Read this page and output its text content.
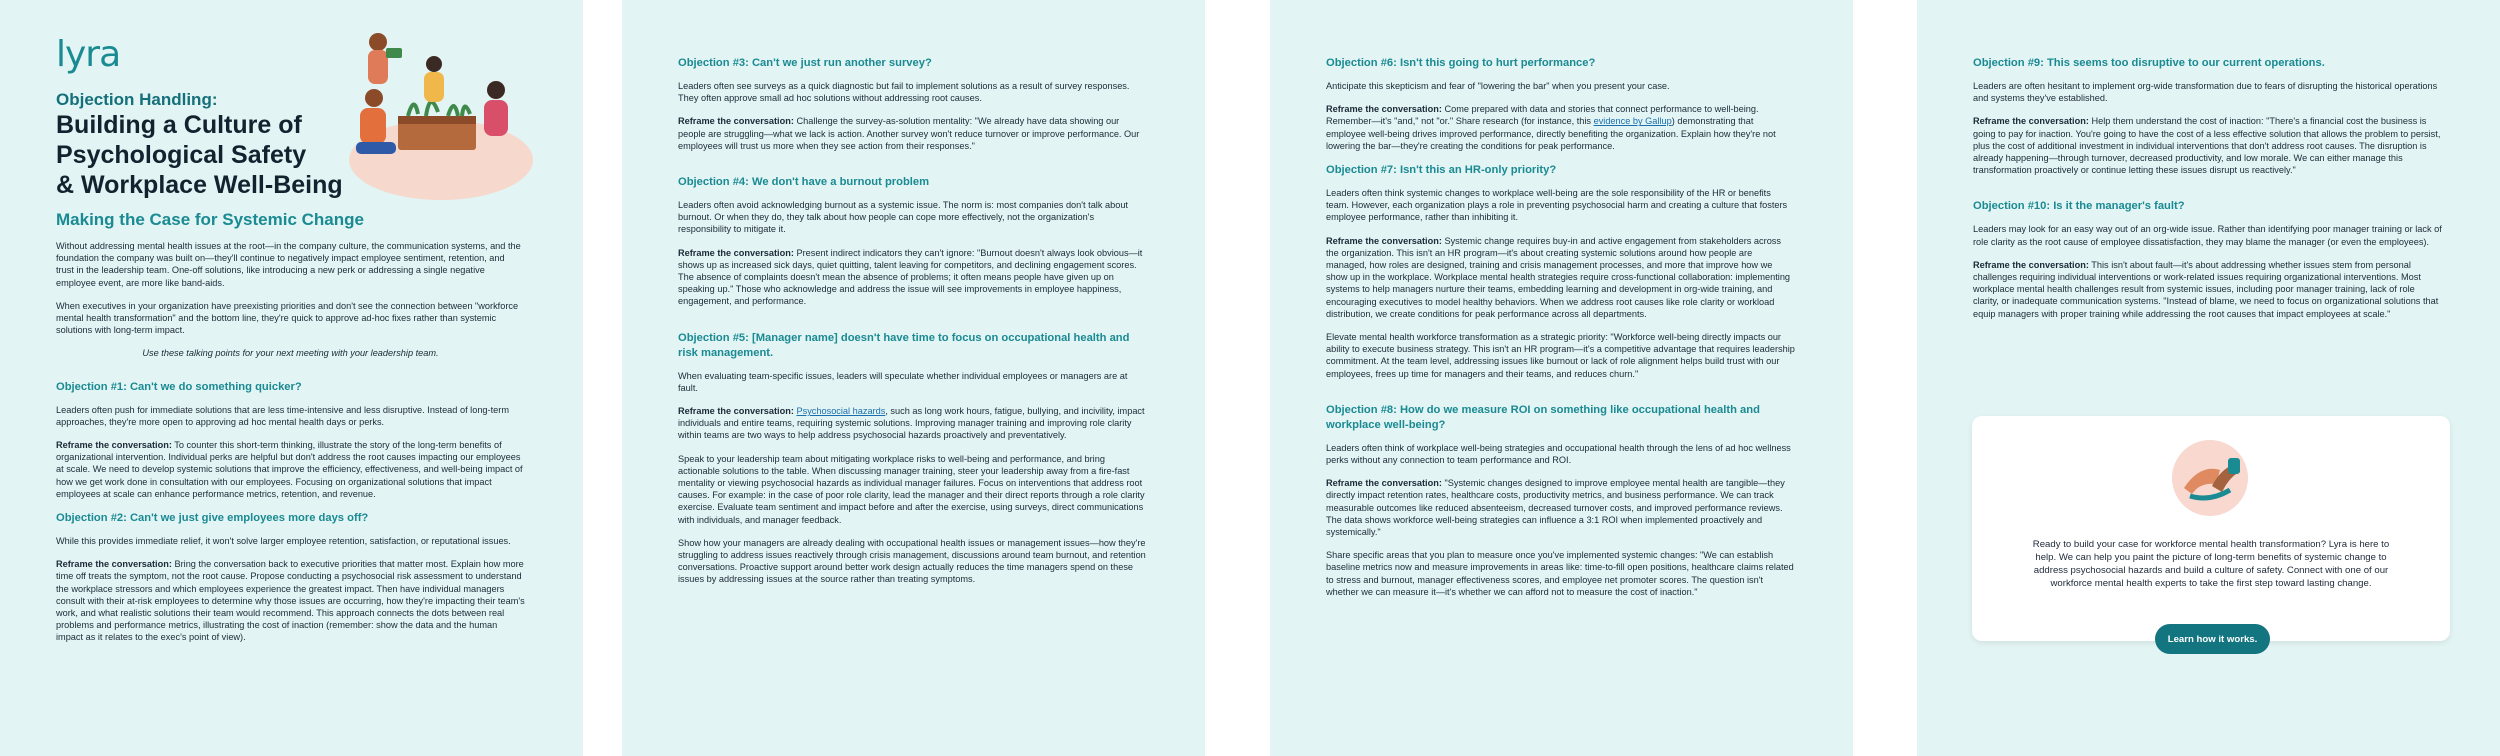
lyra
Objection Handling:
Building a Culture of
Psychological Safety
& Workplace Well-Being
Making the Case for Systemic Change

Without addressing mental health issues at the root—in the company culture, the communication systems, and the foundation the company was built on—they'll continue to negatively impact employee sentiment, retention, and trust in the leadership team. One-off solutions, like introducing a new perk or addressing a single negative employee event, are more like band-aids.

When executives in your organization have preexisting priorities and don't see the connection between "workforce mental health transformation" and the bottom line, they're quick to approve ad-hoc fixes rather than systemic solutions with long-term impact.

Use these talking points for your next meeting with your leadership team.

Objection #1: Can't we do something quicker?

Leaders often push for immediate solutions that are less time-intensive and less disruptive. Instead of long-term approaches, they're more open to approving ad hoc mental health days or perks.

Reframe the conversation: To counter this short-term thinking, illustrate the story of the long-term benefits of organizational intervention. Individual perks are helpful but don't address the root causes impacting our employees at scale. We need to develop systemic solutions that improve the efficiency, effectiveness, and well-being impact of how we get work done in consultation with our employees. Focusing on organizational solutions that impact employees at scale can enhance performance metrics, retention, and revenue.

Objection #2: Can't we just give employees more days off?

While this provides immediate relief, it won't solve larger employee retention, satisfaction, or reputational issues.

Reframe the conversation: Bring the conversation back to executive priorities that matter most. Explain how more time off treats the symptom, not the root cause. Propose conducting a psychosocial risk assessment to understand the workplace stressors and which employees experience the greatest impact. Then have individual managers consult with their at-risk employees to determine why those issues are occurring, how they're impacting their team's work, and what realistic solutions their team would recommend. This approach connects the dots between real problems and performance metrics, illustrating the cost of inaction (remember: show the data and the human impact as it relates to the exec's point of view).

Objection #3: Can't we just run another survey?

Leaders often see surveys as a quick diagnostic but fail to implement solutions as a result of survey responses. They often approve small ad hoc solutions without addressing root causes.

Reframe the conversation: Challenge the survey-as-solution mentality: "We already have data showing our people are struggling—what we lack is action. Another survey won't reduce turnover or improve performance. Our employees will trust us more when they see action from their responses."

Objection #4: We don't have a burnout problem

Leaders often avoid acknowledging burnout as a systemic issue. The norm is: most companies don't talk about burnout. Or when they do, they talk about how people can cope more effectively, not the organization's responsibility to mitigate it.

Reframe the conversation: Present indirect indicators they can't ignore: "Burnout doesn't always look obvious—it shows up as increased sick days, quiet quitting, talent leaving for competitors, and declining engagement scores. The absence of complaints doesn't mean the absence of problems; it often means people have given up on speaking up." Those who acknowledge and address the issue will see improvements in employee happiness, engagement, and performance.

Objection #5: [Manager name] doesn't have time to focus on occupational health and risk management.

When evaluating team-specific issues, leaders will speculate whether individual employees or managers are at fault.

Reframe the conversation: Psychosocial hazards, such as long work hours, fatigue, bullying, and incivility, impact individuals and entire teams, requiring systemic solutions. Improving manager training and improving role clarity within teams are two ways to help address psychosocial hazards proactively and preventatively.

Speak to your leadership team about mitigating workplace risks to well-being and performance, and bring actionable solutions to the table. When discussing manager training, steer your leadership away from a fire-fast mentality or viewing psychosocial hazards as individual manager failures. Focus on interventions that address root causes. For example: in the case of poor role clarity, lead the manager and their direct reports through a role clarity exercise. Evaluate team sentiment and impact before and after the exercise, using surveys, direct communications with individuals, and manager feedback.

Show how your managers are already dealing with occupational health issues or management issues—how they're struggling to address issues reactively through crisis management, discussions around team burnout, and retention conversations. Proactive support around better work design actually reduces the time managers spend on these issues by addressing issues at the source rather than treating symptoms.

Objection #6: Isn't this going to hurt performance?

Anticipate this skepticism and fear of "lowering the bar" when you present your case.

Reframe the conversation: Come prepared with data and stories that connect performance to well-being. Remember—it's "and," not "or." Share research (for instance, this evidence by Gallup) demonstrating that employee well-being drives improved performance, directly benefiting the organization. Explain how they're not lowering the bar—they're creating the conditions for peak performance.

Objection #7: Isn't this an HR-only priority?

Leaders often think systemic changes to workplace well-being are the sole responsibility of the HR or benefits team. However, each organization plays a role in preventing psychosocial harm and creating a culture that fosters employee performance, rather than inhibiting it.

Reframe the conversation: Systemic change requires buy-in and active engagement from stakeholders across the organization. This isn't an HR program—it's about creating systemic solutions around how people are managed, how roles are designed, training and crisis management processes, and more that improve how we show up in the workplace. Workplace mental health strategies require cross-functional collaboration: implementing systems to help managers nurture their teams, embedding learning and development in org-wide training, and encouraging executives to model healthy behaviors. When we address root causes like role clarity or workload distribution, we create conditions for peak performance across all departments.

Elevate mental health workforce transformation as a strategic priority: "Workforce well-being directly impacts our ability to execute business strategy. This isn't an HR program—it's a competitive advantage that requires leadership commitment. At the team level, addressing issues like burnout or lack of role alignment helps build trust with our employees, frees up time for managers and their teams, and reduces churn."

Objection #8: How do we measure ROI on something like occupational health and workplace well-being?

Leaders often think of workplace well-being strategies and occupational health through the lens of ad hoc wellness perks without any connection to team performance and ROI.

Reframe the conversation: "Systemic changes designed to improve employee mental health are tangible—they directly impact retention rates, healthcare costs, productivity metrics, and business performance. We can track measurable outcomes like reduced absenteeism, decreased turnover costs, and improved performance reviews. The data shows workforce well-being strategies can influence a 3:1 ROI when implemented proactively and systemically."

Share specific areas that you plan to measure once you've implemented systemic changes: "We can establish baseline metrics now and measure improvements in areas like: time-to-fill open positions, healthcare claims related to stress and burnout, manager effectiveness scores, and employee net promoter scores. The question isn't whether we can measure it—it's whether we can afford not to measure the cost of inaction."

Objection #9: This seems too disruptive to our current operations.

Leaders are often hesitant to implement org-wide transformation due to fears of disrupting the historical operations and systems they've established.

Reframe the conversation: Help them understand the cost of inaction: "There's a financial cost the business is going to pay for inaction. You're going to have the cost of a less effective solution that allows the problem to persist, plus the cost of additional investment in individual interventions that don't address root causes. The disruption is already happening—through turnover, decreased productivity, and low morale. We can either manage this transformation proactively or continue letting these issues disrupt us reactively."

Objection #10: Is it the manager's fault?

Leaders may look for an easy way out of an org-wide issue. Rather than identifying poor manager training or lack of role clarity as the root cause of employee dissatisfaction, they may blame the manager (or even the employees).

Reframe the conversation: This isn't about fault—it's about addressing whether issues stem from personal challenges requiring individual interventions or work-related issues requiring organizational interventions. Most workplace mental health challenges result from systemic issues, including poor manager training, lack of role clarity, or inadequate communication systems. "Instead of blame, we need to focus on organizational solutions that equip managers with proper training while addressing the root causes that impact employees at scale."

Ready to build your case for workforce mental health transformation? Lyra is here to help. We can help you paint the picture of long-term benefits of systemic change to address psychosocial hazards and build a culture of safety. Connect with one of our workforce mental health experts to take the first step toward lasting change.
Learn how it works.
